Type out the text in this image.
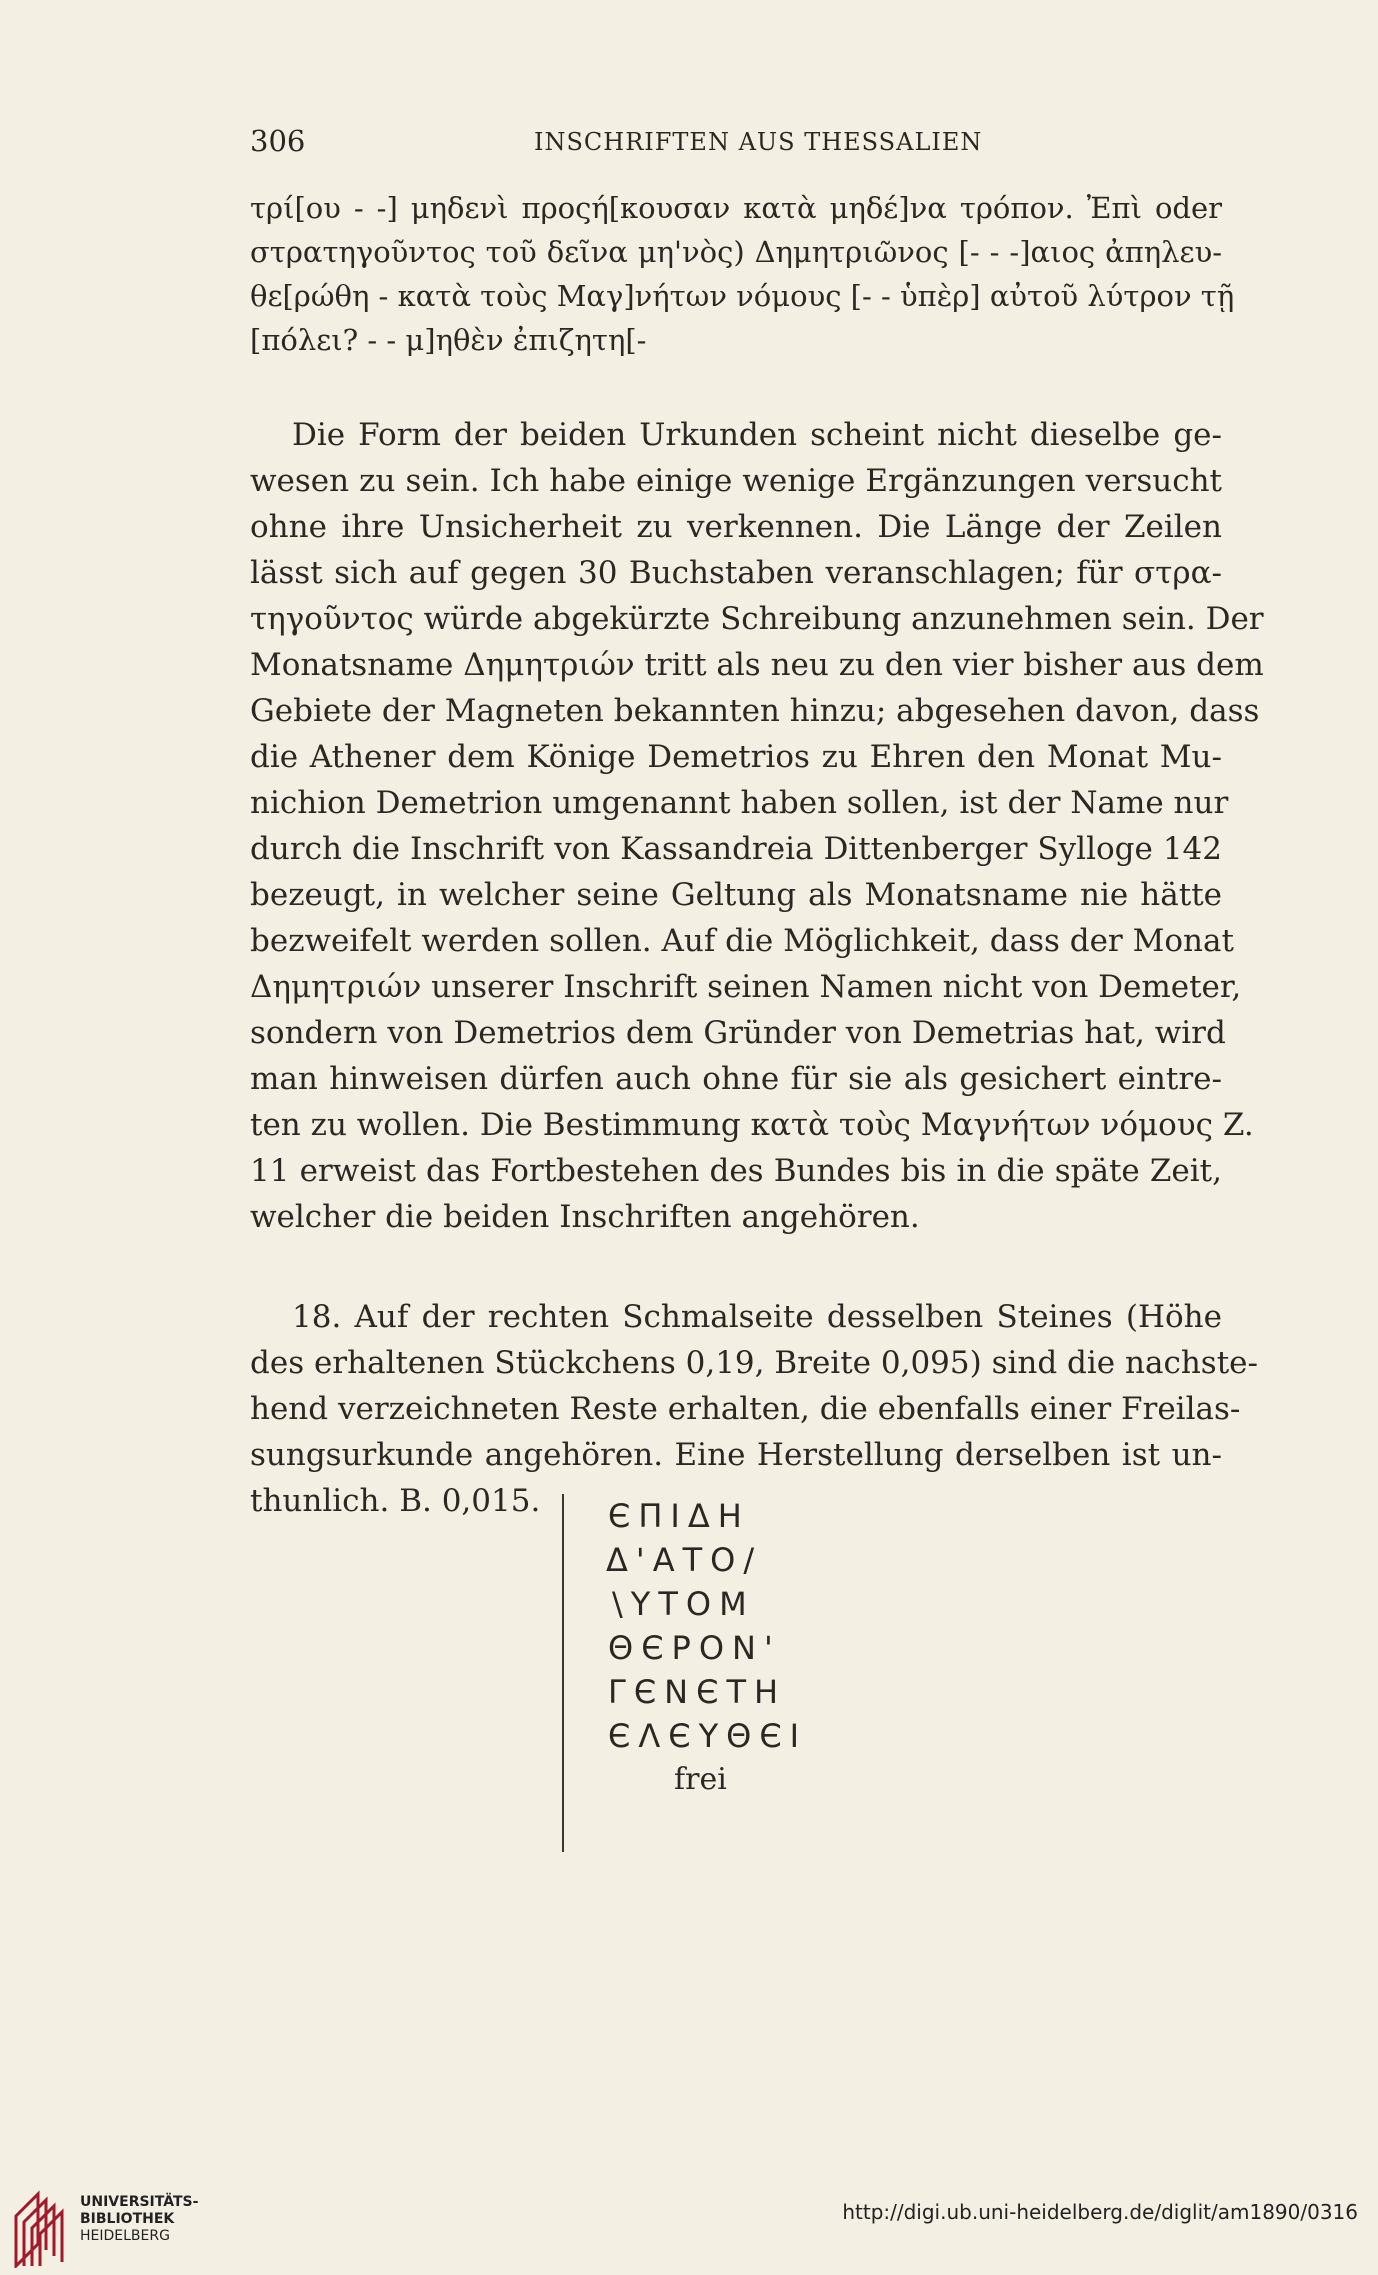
306	INSCHRIFTEN AUS THESSALIEN
τρί[ου - -] μηδενὶ προςή[κουσαν κατὰ μηδέ]να τρόπον. Ἐπὶ oder
στρατηγοῦντος τοῦ δεῖνα μη'νὸς) Δημητριῶνος [- - -]αιος ἀπηλευ-
θε[ρώθη - κατὰ τοὺς Μαγ]νήτων νόμους [- - ὑπὲρ] αὐτοῦ λύτρον τῇ
[πόλει? - - μ]ηθὲν ἐπιζητη[-
Die Form der beiden Urkunden scheint nicht dieselbe ge-
wesen zu sein. Ich habe einige wenige Ergänzungen versucht
ohne ihre Unsicherheit zu verkennen. Die Länge der Zeilen
lässt sich auf gegen 30 Buchstaben veranschlagen; für στρα-
τηγοῦντος würde abgekürzte Schreibung anzunehmen sein. Der
Monatsname Δημητριών tritt als neu zu den vier bisher aus dem
Gebiete der Magneten bekannten hinzu; abgesehen davon, dass
die Athener dem Könige Demetrios zu Ehren den Monat Mu-
nichion Demetrion umgenannt haben sollen, ist der Name nur
durch die Inschrift von Kassandreia Dittenberger Sylloge 142
bezeugt, in welcher seine Geltung als Monatsname nie hätte
bezweifelt werden sollen. Auf die Möglichkeit, dass der Monat
Δημητριών unserer Inschrift seinen Namen nicht von Demeter,
sondern von Demetrios dem Gründer von Demetrias hat, wird
man hinweisen dürfen auch ohne für sie als gesichert eintre-
ten zu wollen. Die Bestimmung κατὰ τοὺς Μαγνήτων νόμους Z.
11 erweist das Fortbestehen des Bundes bis in die späte Zeit,
welcher die beiden Inschriften angehören.
18. Auf der rechten Schmalseite desselben Steines (Höhe
des erhaltenen Stückchens 0,19, Breite 0,095) sind die nachste-
hend verzeichneten Reste erhalten, die ebenfalls einer Freilas-
sungsurkunde angehören. Eine Herstellung derselben ist un-
thunlich. B. 0,015.	ЄΠΙΔΗ
Δ'ΑΤΟ/
\ΥΤΟΜ
ΘЄΡΟΝ'
ΓЄΝЄΤΗ
ЄΛЄΥΘЄΙ
frei
UNIVERSITÄTS-
BIBLIOTHEK
HEIDELBERG
http://digi.ub.uni-heidelberg.de/diglit/am1890/0316
